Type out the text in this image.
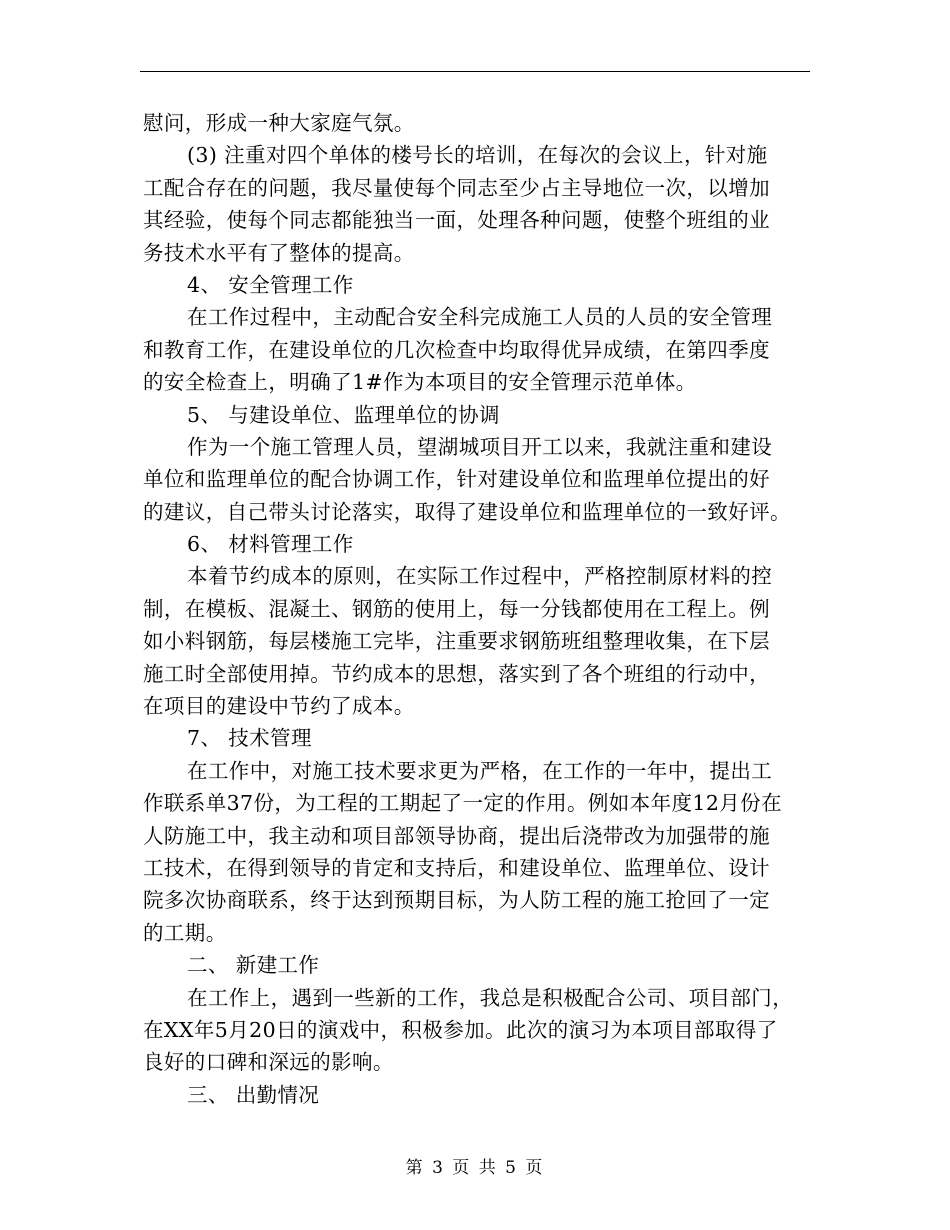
慰问，形成一种大家庭气氛。
(3) 注重对四个单体的楼号长的培训，在每次的会议上，针对施
工配合存在的问题，我尽量使每个同志至少占主导地位一次，以增加
其经验，使每个同志都能独当一面，处理各种问题，使整个班组的业
务技术水平有了整体的提高。
4、 安全管理工作
在工作过程中，主动配合安全科完成施工人员的人员的安全管理
和教育工作，在建设单位的几次检查中均取得优异成绩，在第四季度
的安全检查上，明确了1#作为本项目的安全管理示范单体。
5、 与建设单位、监理单位的协调
作为一个施工管理人员，望湖城项目开工以来，我就注重和建设
单位和监理单位的配合协调工作，针对建设单位和监理单位提出的好
的建议，自己带头讨论落实，取得了建设单位和监理单位的一致好评。
6、 材料管理工作
本着节约成本的原则，在实际工作过程中，严格控制原材料的控
制，在模板、混凝土、钢筋的使用上，每一分钱都使用在工程上。例
如小料钢筋，每层楼施工完毕，注重要求钢筋班组整理收集，在下层
施工时全部使用掉。节约成本的思想，落实到了各个班组的行动中，
在项目的建设中节约了成本。
7、 技术管理
在工作中，对施工技术要求更为严格，在工作的一年中，提出工
作联系单37份，为工程的工期起了一定的作用。例如本年度12月份在
人防施工中，我主动和项目部领导协商，提出后浇带改为加强带的施
工技术，在得到领导的肯定和支持后，和建设单位、监理单位、设计
院多次协商联系，终于达到预期目标，为人防工程的施工抢回了一定
的工期。
二、 新建工作
在工作上，遇到一些新的工作，我总是积极配合公司、项目部门，
在XX年5月20日的演戏中，积极参加。此次的演习为本项目部取得了
良好的口碑和深远的影响。
三、 出勤情况
第 3 页 共 5 页
